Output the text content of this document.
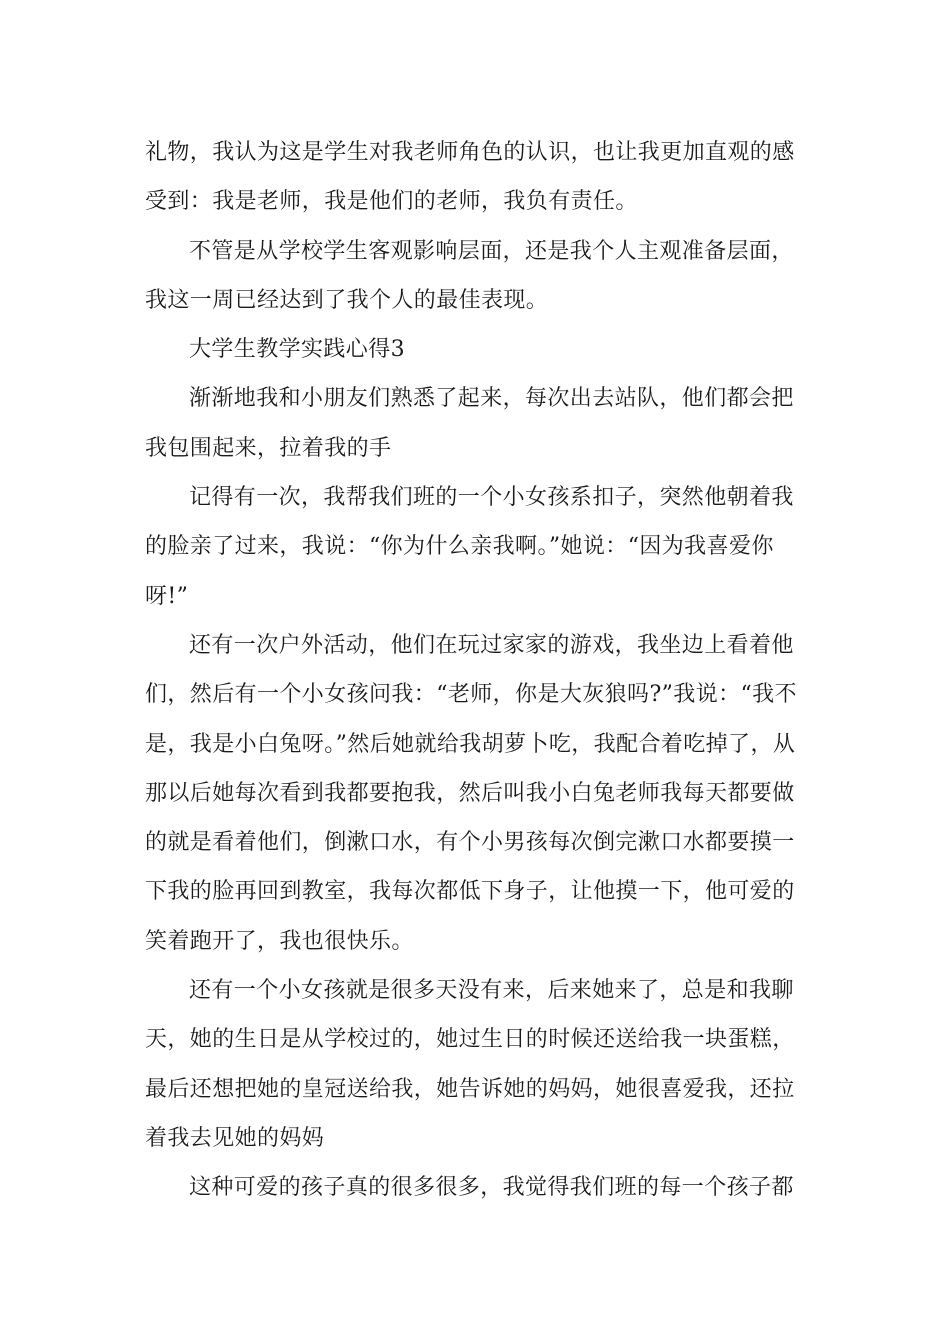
礼物，我认为这是学生对我老师角色的认识，也让我更加直观的感受到：我是老师，我是他们的老师，我负有责任。

不管是从学校学生客观影响层面，还是我个人主观准备层面，我这一周已经达到了我个人的最佳表现。

大学生教学实践心得3

渐渐地我和小朋友们熟悉了起来，每次出去站队，他们都会把我包围起来，拉着我的手

记得有一次，我帮我们班的一个小女孩系扣子，突然他朝着我的脸亲了过来，我说：“你为什么亲我啊。”她说：“因为我喜爱你呀!”

还有一次户外活动，他们在玩过家家的游戏，我坐边上看着他们，然后有一个小女孩问我：“老师，你是大灰狼吗?”我说：“我不是，我是小白兔呀。”然后她就给我胡萝卜吃，我配合着吃掉了，从那以后她每次看到我都要抱我，然后叫我小白兔老师我每天都要做的就是看着他们，倒漱口水，有个小男孩每次倒完漱口水都要摸一下我的脸再回到教室，我每次都低下身子，让他摸一下，他可爱的笑着跑开了，我也很快乐。

还有一个小女孩就是很多天没有来，后来她来了，总是和我聊天，她的生日是从学校过的，她过生日的时候还送给我一块蛋糕，最后还想把她的皇冠送给我，她告诉她的妈妈，她很喜爱我，还拉着我去见她的妈妈

这种可爱的孩子真的很多很多，我觉得我们班的每一个孩子都
